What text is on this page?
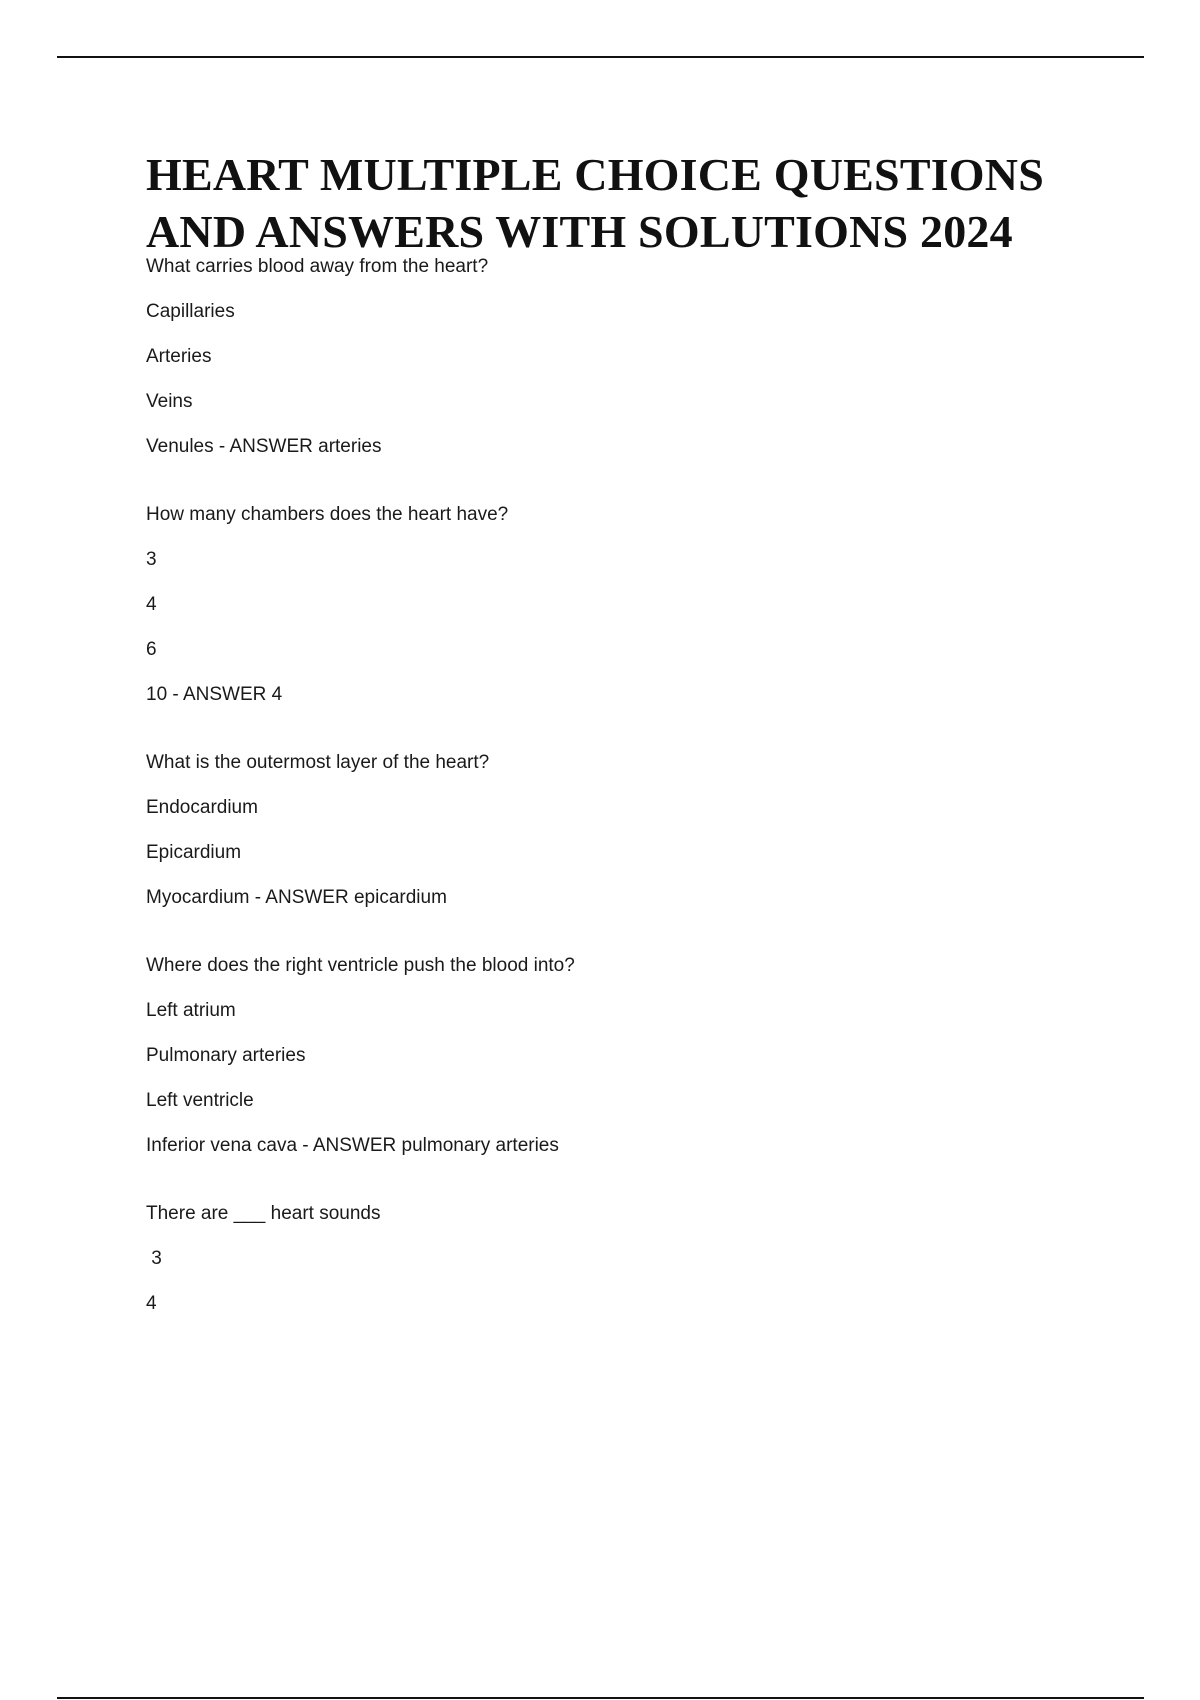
HEART MULTIPLE CHOICE QUESTIONS
AND ANSWERS WITH SOLUTIONS 2024
What carries blood away from the heart?
Capillaries
Arteries
Veins
Venules - ANSWER arteries
How many chambers does the heart have?
3
4
6
10 - ANSWER 4
What is the outermost layer of the heart?
Endocardium
Epicardium
Myocardium - ANSWER epicardium
Where does the right ventricle push the blood into?
Left atrium
Pulmonary arteries
Left ventricle
Inferior vena cava - ANSWER pulmonary arteries
There are ___ heart sounds
3
4
